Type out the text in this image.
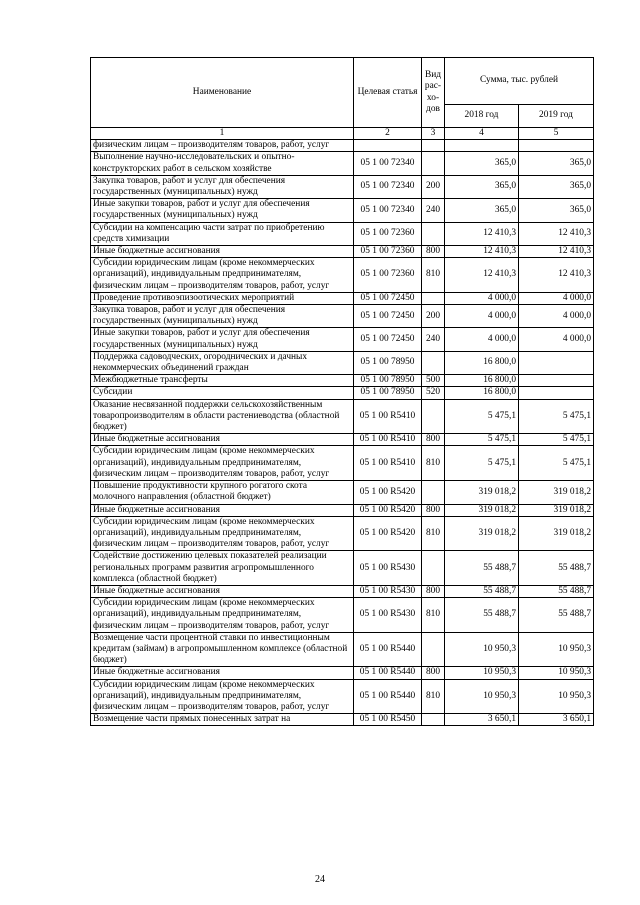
Наименование	Целевая статья	Вид рас-хо-дов	Сумма, тыс. рублей	
			2018 год	2019 год
1	2	3	4	5
физическим лицам – производителям товаров, работ, услуг				
Выполнение научно-исследовательских и опытно-конструкторских работ в сельском хозяйстве	05 1 00 72340		365,0	365,0
Закупка товаров, работ и услуг для обеспечения государственных (муниципальных) нужд	05 1 00 72340	200	365,0	365,0
Иные закупки товаров, работ и услуг для обеспечения государственных (муниципальных) нужд	05 1 00 72340	240	365,0	365,0
Субсидии на компенсацию части затрат по приобретению средств химизации	05 1 00 72360		12 410,3	12 410,3
Иные бюджетные ассигнования	05 1 00 72360	800	12 410,3	12 410,3
Субсидии юридическим лицам (кроме некоммерческих организаций), индивидуальным предпринимателям, физическим лицам – производителям товаров, работ, услуг	05 1 00 72360	810	12 410,3	12 410,3
Проведение противоэпизоотических мероприятий	05 1 00 72450		4 000,0	4 000,0
Закупка товаров, работ и услуг для обеспечения государственных (муниципальных) нужд	05 1 00 72450	200	4 000,0	4 000,0
Иные закупки товаров, работ и услуг для обеспечения государственных (муниципальных) нужд	05 1 00 72450	240	4 000,0	4 000,0
Поддержка садоводческих, огороднических и дачных некоммерческих объединений граждан	05 1 00 78950		16 800,0	
Межбюджетные трансферты	05 1 00 78950	500	16 800,0	
Субсидии	05 1 00 78950	520	16 800,0	
Оказание несвязанной поддержки сельскохозяйственным товаропроизводителям в области растениеводства (областной бюджет)	05 1 00 R5410		5 475,1	5 475,1
Иные бюджетные ассигнования	05 1 00 R5410	800	5 475,1	5 475,1
Субсидии юридическим лицам (кроме некоммерческих организаций), индивидуальным предпринимателям, физическим лицам – производителям товаров, работ, услуг	05 1 00 R5410	810	5 475,1	5 475,1
Повышение продуктивности крупного рогатого скота молочного направления (областной бюджет)	05 1 00 R5420		319 018,2	319 018,2
Иные бюджетные ассигнования	05 1 00 R5420	800	319 018,2	319 018,2
Субсидии юридическим лицам (кроме некоммерческих организаций), индивидуальным предпринимателям, физическим лицам – производителям товаров, работ, услуг	05 1 00 R5420	810	319 018,2	319 018,2
Содействие достижению целевых показателей реализации региональных программ развития агропромышленного комплекса (областной бюджет)	05 1 00 R5430		55 488,7	55 488,7
Иные бюджетные ассигнования	05 1 00 R5430	800	55 488,7	55 488,7
Субсидии юридическим лицам (кроме некоммерческих организаций), индивидуальным предпринимателям, физическим лицам – производителям товаров, работ, услуг	05 1 00 R5430	810	55 488,7	55 488,7
Возмещение части процентной ставки по инвестиционным кредитам (займам) в агропромышленном комплексе (областной бюджет)	05 1 00 R5440		10 950,3	10 950,3
Иные бюджетные ассигнования	05 1 00 R5440	800	10 950,3	10 950,3
Субсидии юридическим лицам (кроме некоммерческих организаций), индивидуальным предпринимателям, физическим лицам – производителям товаров, работ, услуг	05 1 00 R5440	810	10 950,3	10 950,3
Возмещение части прямых понесенных затрат на	05 1 00 R5450		3 650,1	3 650,1
24
